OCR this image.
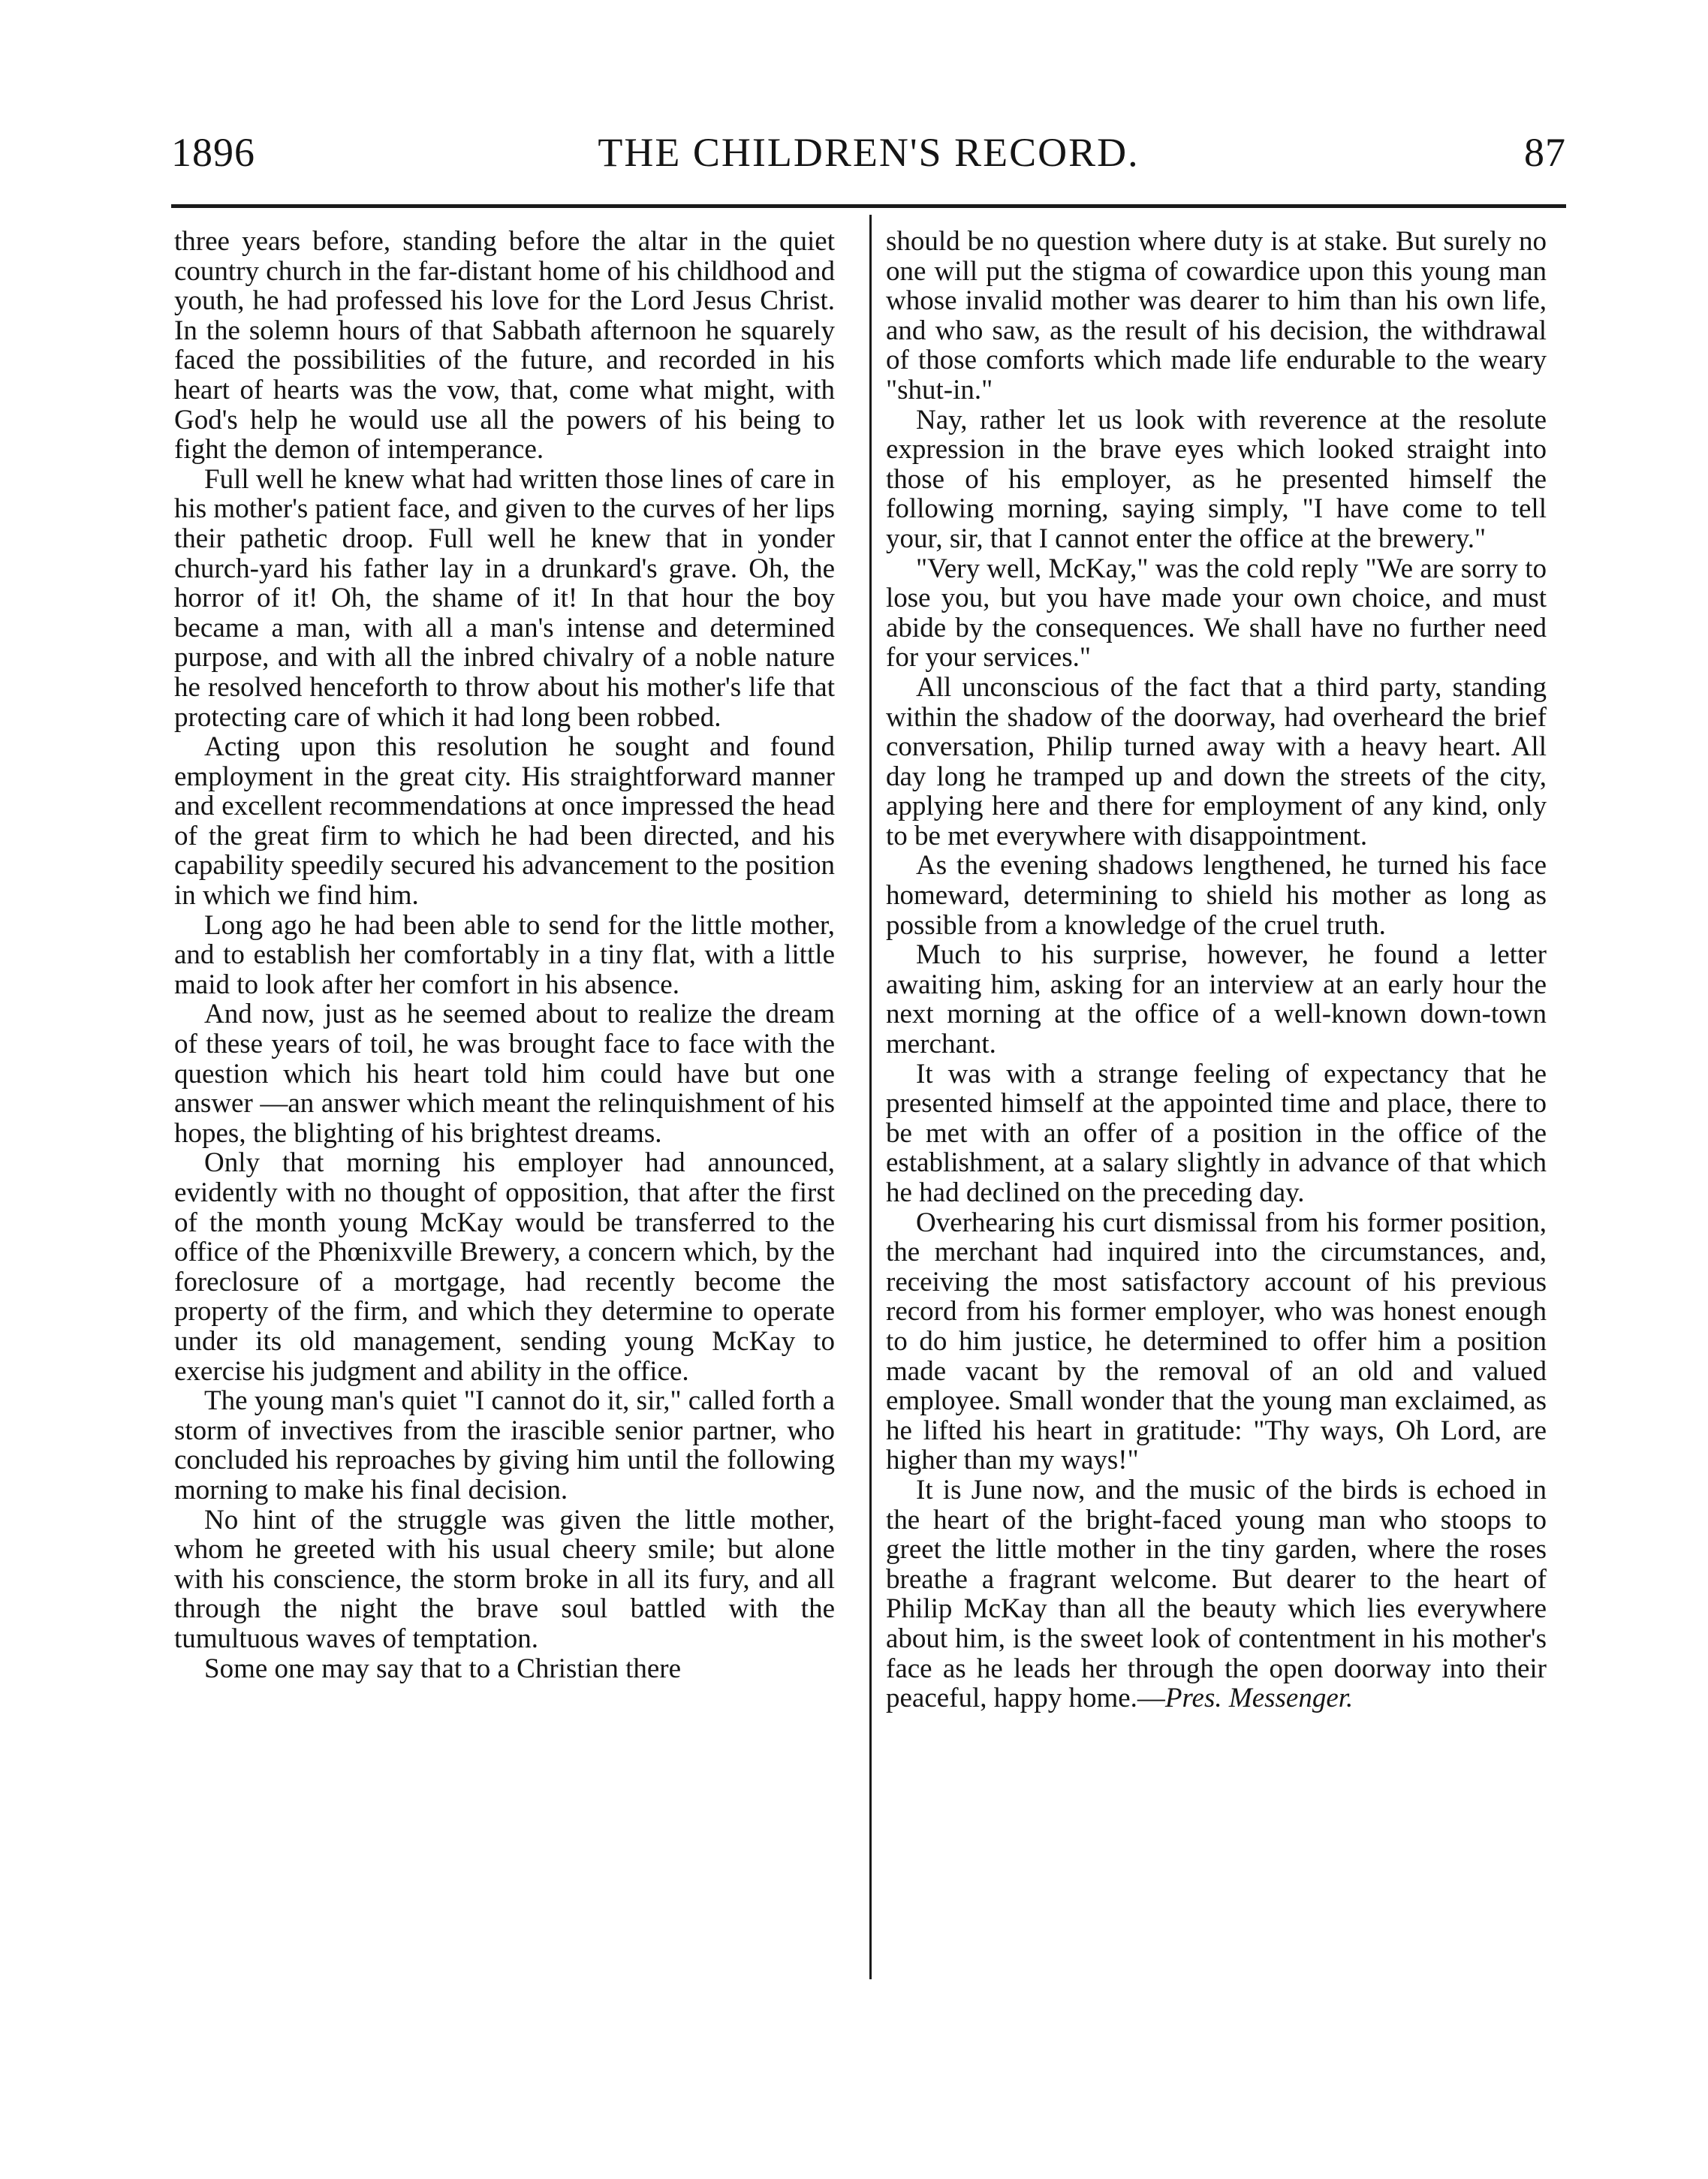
1896	THE CHILDREN'S RECORD.	87

three years before, standing before the altar in the quiet country church in the far-distant home of his childhood and youth, he had professed his love for the Lord Jesus Christ. In the solemn hours of that Sabbath afternoon he squarely faced the possibilities of the future, and recorded in his heart of hearts was the vow, that, come what might, with God's help he would use all the powers of his being to fight the demon of intemperance.

Full well he knew what had written those lines of care in his mother's patient face, and given to the curves of her lips their pathetic droop. Full well he knew that in yonder church-yard his father lay in a drunkard's grave. Oh, the horror of it! Oh, the shame of it! In that hour the boy became a man, with all a man's intense and determined purpose, and with all the inbred chivalry of a noble nature he resolved henceforth to throw about his mother's life that protecting care of which it had long been robbed.

Acting upon this resolution he sought and found employment in the great city. His straightforward manner and excellent recommendations at once impressed the head of the great firm to which he had been directed, and his capability speedily secured his advancement to the position in which we find him.

Long ago he had been able to send for the little mother, and to establish her comfortably in a tiny flat, with a little maid to look after her comfort in his absence.

And now, just as he seemed about to realize the dream of these years of toil, he was brought face to face with the question which his heart told him could have but one answer —an answer which meant the relinquishment of his hopes, the blighting of his brightest dreams.

Only that morning his employer had announced, evidently with no thought of opposition, that after the first of the month young McKay would be transferred to the office of the Phœnixville Brewery, a concern which, by the foreclosure of a mortgage, had recently become the property of the firm, and which they determine to operate under its old management, sending young McKay to exercise his judgment and ability in the office.

The young man's quiet "I cannot do it, sir," called forth a storm of invectives from the irascible senior partner, who concluded his reproaches by giving him until the following morning to make his final decision.

No hint of the struggle was given the little mother, whom he greeted with his usual cheery smile; but alone with his conscience, the storm broke in all its fury, and all through the night the brave soul battled with the tumultuous waves of temptation.

Some one may say that to a Christian there

should be no question where duty is at stake. But surely no one will put the stigma of cowardice upon this young man whose invalid mother was dearer to him than his own life, and who saw, as the result of his decision, the withdrawal of those comforts which made life endurable to the weary "shut-in."

Nay, rather let us look with reverence at the resolute expression in the brave eyes which looked straight into those of his employer, as he presented himself the following morning, saying simply, "I have come to tell your, sir, that I cannot enter the office at the brewery."

"Very well, McKay," was the cold reply "We are sorry to lose you, but you have made your own choice, and must abide by the consequences. We shall have no further need for your services."

All unconscious of the fact that a third party, standing within the shadow of the doorway, had overheard the brief conversation, Philip turned away with a heavy heart. All day long he tramped up and down the streets of the city, applying here and there for employment of any kind, only to be met everywhere with disappointment.

As the evening shadows lengthened, he turned his face homeward, determining to shield his mother as long as possible from a knowledge of the cruel truth.

Much to his surprise, however, he found a letter awaiting him, asking for an interview at an early hour the next morning at the office of a well-known down-town merchant.

It was with a strange feeling of expectancy that he presented himself at the appointed time and place, there to be met with an offer of a position in the office of the establishment, at a salary slightly in advance of that which he had declined on the preceding day.

Overhearing his curt dismissal from his former position, the merchant had inquired into the circumstances, and, receiving the most satisfactory account of his previous record from his former employer, who was honest enough to do him justice, he determined to offer him a position made vacant by the removal of an old and valued employee. Small wonder that the young man exclaimed, as he lifted his heart in gratitude: "Thy ways, Oh Lord, are higher than my ways!"

It is June now, and the music of the birds is echoed in the heart of the bright-faced young man who stoops to greet the little mother in the tiny garden, where the roses breathe a fragrant welcome. But dearer to the heart of Philip McKay than all the beauty which lies everywhere about him, is the sweet look of contentment in his mother's face as he leads her through the open doorway into their peaceful, happy home.—Pres. Messenger.
